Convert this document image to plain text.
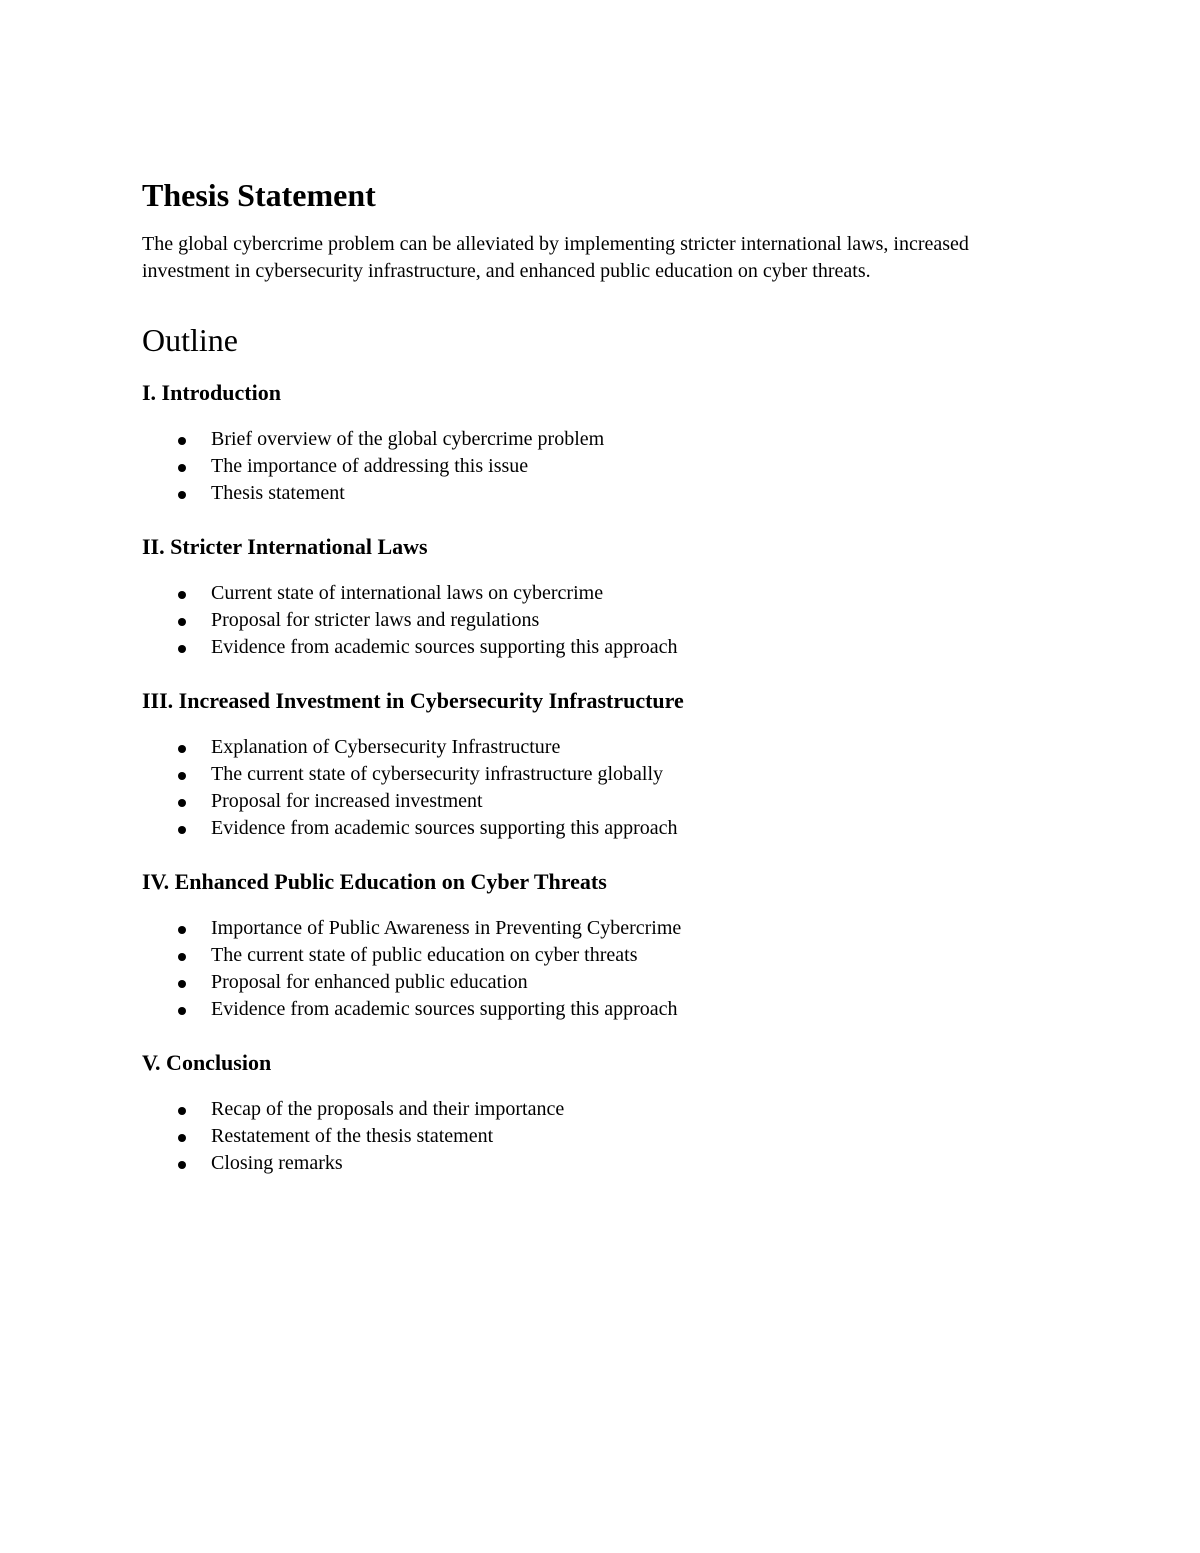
Thesis Statement

The global cybercrime problem can be alleviated by implementing stricter international laws, increased investment in cybersecurity infrastructure, and enhanced public education on cyber threats.

Outline
I. Introduction
Brief overview of the global cybercrime problem
The importance of addressing this issue
Thesis statement
II. Stricter International Laws
Current state of international laws on cybercrime
Proposal for stricter laws and regulations
Evidence from academic sources supporting this approach
III. Increased Investment in Cybersecurity Infrastructure
Explanation of Cybersecurity Infrastructure
The current state of cybersecurity infrastructure globally
Proposal for increased investment
Evidence from academic sources supporting this approach
IV. Enhanced Public Education on Cyber Threats
Importance of Public Awareness in Preventing Cybercrime
The current state of public education on cyber threats
Proposal for enhanced public education
Evidence from academic sources supporting this approach
V. Conclusion
Recap of the proposals and their importance
Restatement of the thesis statement
Closing remarks
